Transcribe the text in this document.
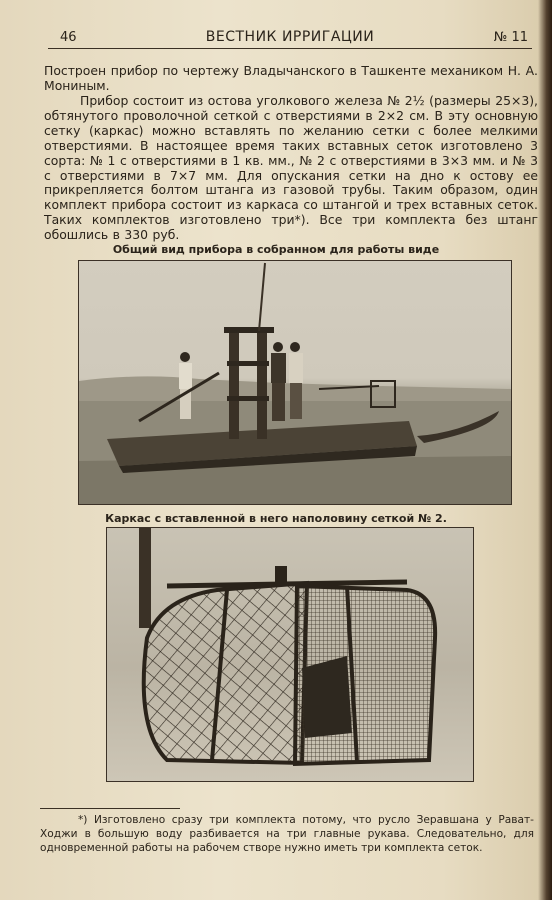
46	ВЕСТНИК ИРРИГАЦИИ	№ 11
Построен прибор по чертежу Владычанского в Ташкенте механиком Н. А. Мониным.
Прибор состоит из остова уголкового железа № 2½ (размеры 25×3), обтянутого проволочной сеткой с отверстиями в 2×2 см. В эту основную сетку (каркас) можно вставлять по желанию сетки с более мелкими отверстиями. В настоящее время таких вставных сеток изготовлено 3 сорта: № 1 с отверстиями в 1 кв. мм., № 2 с отверстиями в 3×3 мм. и № 3 с отверстиями в 7×7 мм. Для опускания сетки на дно к остову ее прикрепляется болтом штанга из газовой трубы. Таким образом, один комплект прибора состоит из каркаса со штангой и трех вставных сеток. Таких комплектов изготовлено три*). Все три комплекта без штанг обошлись в 330 руб.
Общий вид прибора в собранном для работы виде
Каркас с вставленной в него наполовину сеткой № 2.
*) Изготовлено сразу три комплекта потому, что русло Зеравшана у Рават-Ходжи в большую воду разбивается на три главные рукава. Следовательно, для одновременной работы на рабочем створе нужно иметь три комплекта сеток.
